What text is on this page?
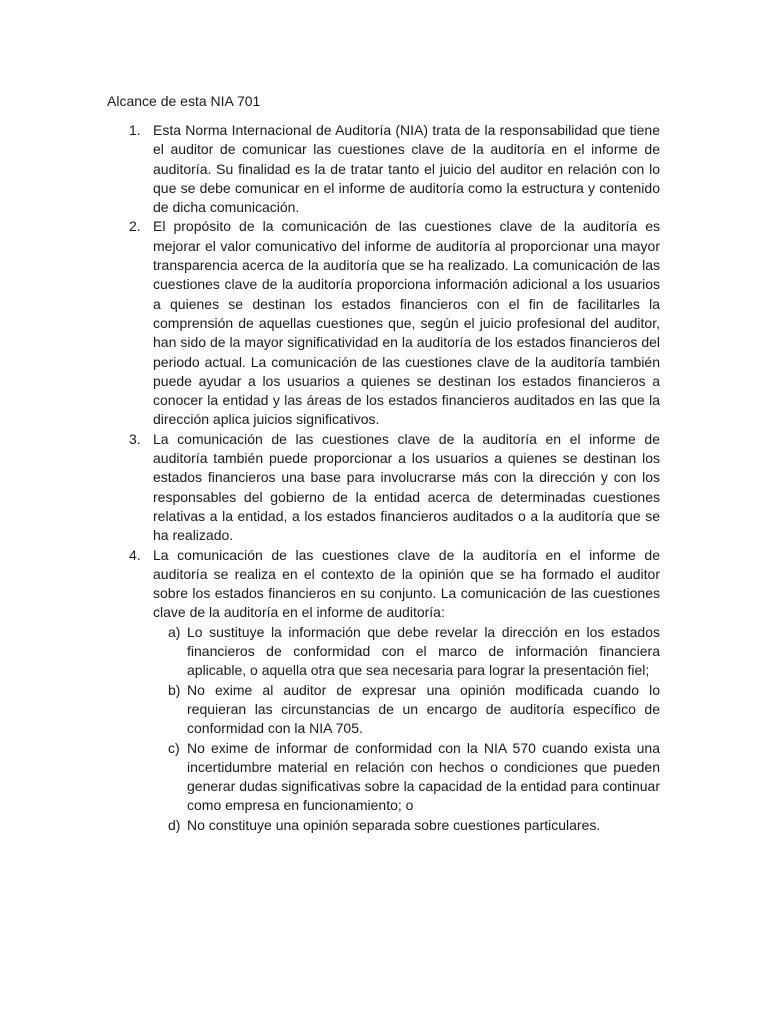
Alcance de esta NIA 701
1. Esta Norma Internacional de Auditoría (NIA) trata de la responsabilidad que tiene el auditor de comunicar las cuestiones clave de la auditoría en el informe de auditoría. Su finalidad es la de tratar tanto el juicio del auditor en relación con lo que se debe comunicar en el informe de auditoría como la estructura y contenido de dicha comunicación.
2. El propósito de la comunicación de las cuestiones clave de la auditoría es mejorar el valor comunicativo del informe de auditoría al proporcionar una mayor transparencia acerca de la auditoría que se ha realizado. La comunicación de las cuestiones clave de la auditoría proporciona información adicional a los usuarios a quienes se destinan los estados financieros con el fin de facilitarles la comprensión de aquellas cuestiones que, según el juicio profesional del auditor, han sido de la mayor significatividad en la auditoría de los estados financieros del periodo actual. La comunicación de las cuestiones clave de la auditoría también puede ayudar a los usuarios a quienes se destinan los estados financieros a conocer la entidad y las áreas de los estados financieros auditados en las que la dirección aplica juicios significativos.
3. La comunicación de las cuestiones clave de la auditoría en el informe de auditoría también puede proporcionar a los usuarios a quienes se destinan los estados financieros una base para involucrarse más con la dirección y con los responsables del gobierno de la entidad acerca de determinadas cuestiones relativas a la entidad, a los estados financieros auditados o a la auditoría que se ha realizado.
4. La comunicación de las cuestiones clave de la auditoría en el informe de auditoría se realiza en el contexto de la opinión que se ha formado el auditor sobre los estados financieros en su conjunto. La comunicación de las cuestiones clave de la auditoría en el informe de auditoría:
a) Lo sustituye la información que debe revelar la dirección en los estados financieros de conformidad con el marco de información financiera aplicable, o aquella otra que sea necesaria para lograr la presentación fiel;
b) No exime al auditor de expresar una opinión modificada cuando lo requieran las circunstancias de un encargo de auditoría específico de conformidad con la NIA 705.
c) No exime de informar de conformidad con la NIA 570 cuando exista una incertidumbre material en relación con hechos o condiciones que pueden generar dudas significativas sobre la capacidad de la entidad para continuar como empresa en funcionamiento; o
d) No constituye una opinión separada sobre cuestiones particulares.
